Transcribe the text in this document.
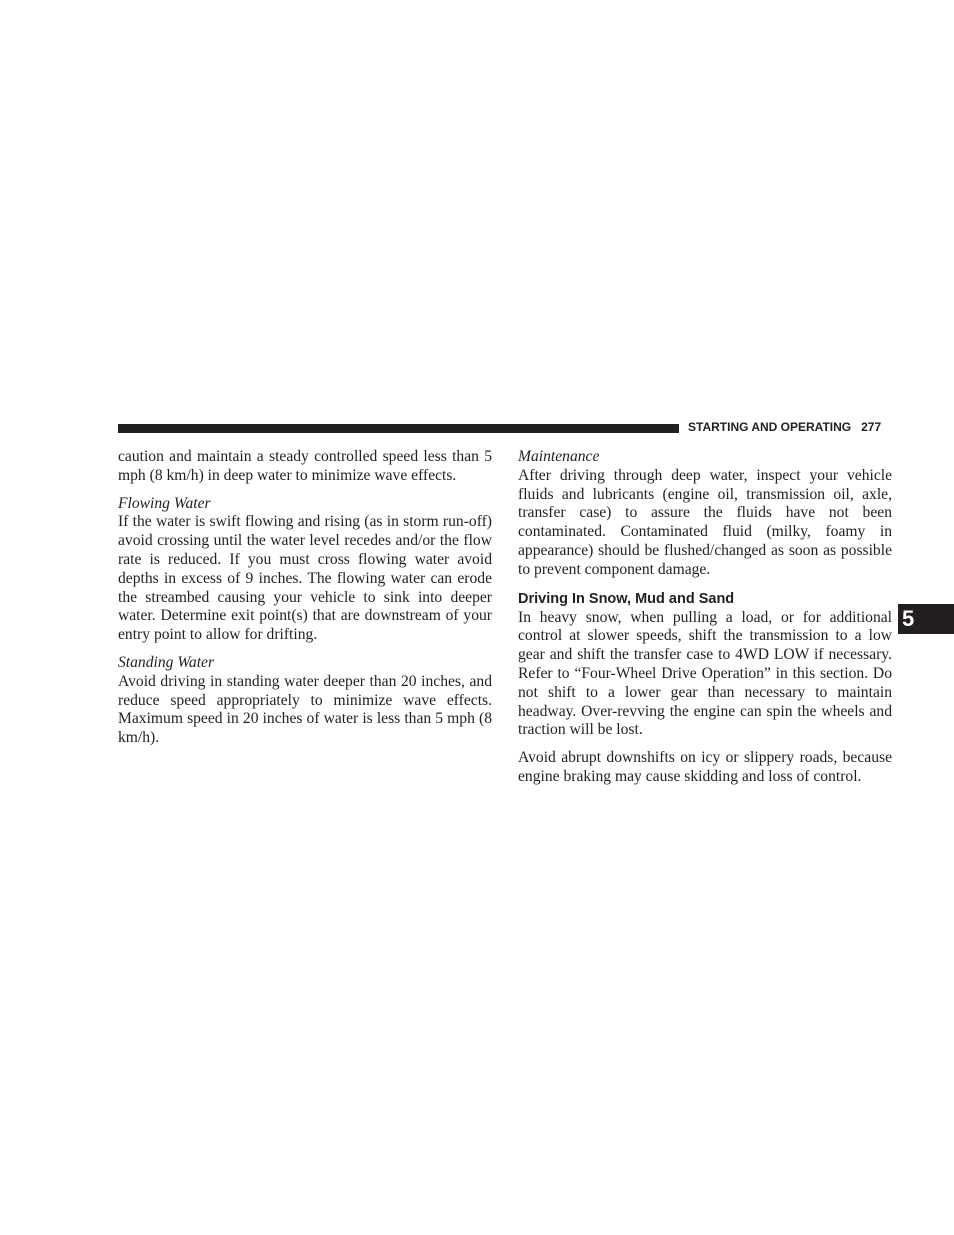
STARTING AND OPERATING 277

caution and maintain a steady controlled speed less than 5 mph (8 km/h) in deep water to minimize wave effects.

Flowing Water

If the water is swift flowing and rising (as in storm run-off) avoid crossing until the water level recedes and/or the flow rate is reduced. If you must cross flowing water avoid depths in excess of 9 inches. The flowing water can erode the streambed causing your vehicle to sink into deeper water. Determine exit point(s) that are downstream of your entry point to allow for drifting.

Standing Water

Avoid driving in standing water deeper than 20 inches, and reduce speed appropriately to minimize wave effects. Maximum speed in 20 inches of water is less than 5 mph (8 km/h).

Maintenance

After driving through deep water, inspect your vehicle fluids and lubricants (engine oil, transmission oil, axle, transfer case) to assure the fluids have not been contaminated. Contaminated fluid (milky, foamy in appearance) should be flushed/changed as soon as possible to prevent component damage.

Driving In Snow, Mud and Sand

In heavy snow, when pulling a load, or for additional control at slower speeds, shift the transmission to a low gear and shift the transfer case to 4WD LOW if necessary. Refer to “Four-Wheel Drive Operation” in this section. Do not shift to a lower gear than necessary to maintain headway. Over-revving the engine can spin the wheels and traction will be lost.

Avoid abrupt downshifts on icy or slippery roads, because engine braking may cause skidding and loss of control.

5
